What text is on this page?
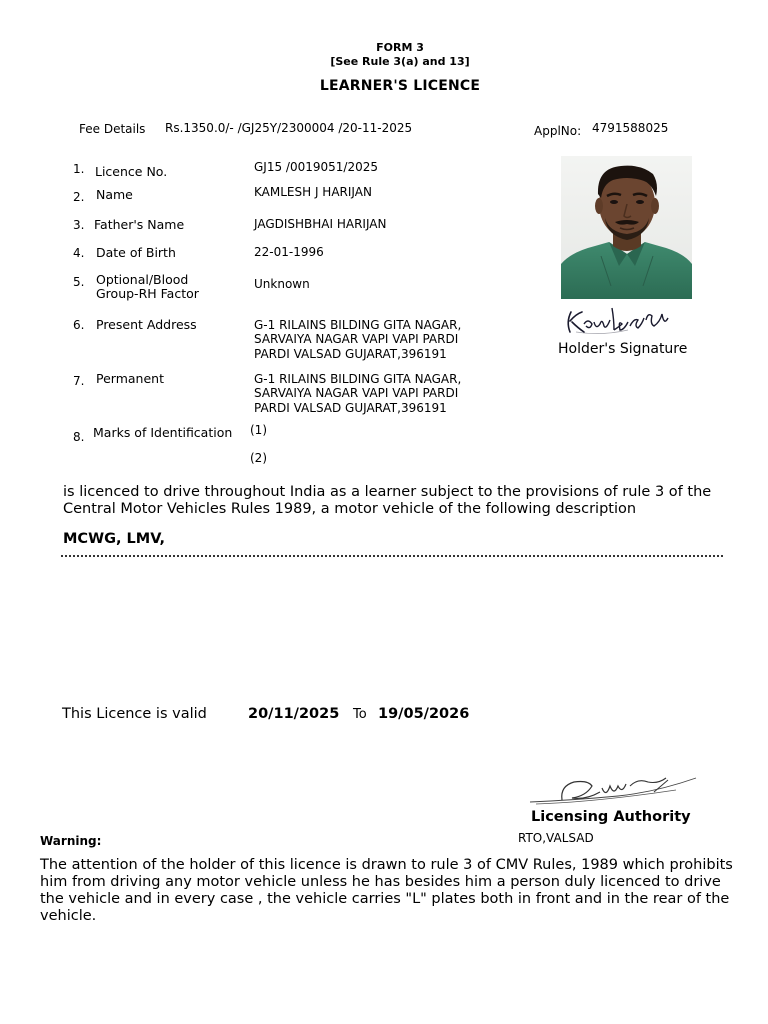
FORM 3
[See Rule 3(a) and 13]
LEARNER'S LICENCE
Fee Details Rs.1350.0/- /GJ25Y/2300004 /20-11-2025	ApplNo: 4791588025
1. Licence No.	GJ15 /0019051/2025
2. Name	KAMLESH J HARIJAN
3. Father's Name	JAGDISHBHAI HARIJAN
4. Date of Birth	22-01-1996
5. Optional/Blood
Group-RH Factor
Unknown
6. Present Address	G-1 RILAINS BILDING GITA NAGAR,
SARVAIYA NAGAR VAPI VAPI PARDI
PARDI VALSAD GUJARAT,396191
7. Permanent	G-1 RILAINS BILDING GITA NAGAR,
SARVAIYA NAGAR VAPI VAPI PARDI
PARDI VALSAD GUJARAT,396191
8. Marks of Identification (1)
(2)
Holder's Signature
is licenced to drive throughout India as a learner subject to the provisions of rule 3 of the Central Motor Vehicles Rules 1989, a motor vehicle of the following description
MCWG, LMV,
This Licence is valid	20/11/2025 To 19/05/2026
Licensing Authority
RTO,VALSAD
Warning:
The attention of the holder of this licence is drawn to rule 3 of CMV Rules, 1989 which prohibits him from driving any motor vehicle unless he has besides him a person duly licenced to drive the vehicle and in every case , the vehicle carries "L" plates both in front and in the rear of the vehicle.
